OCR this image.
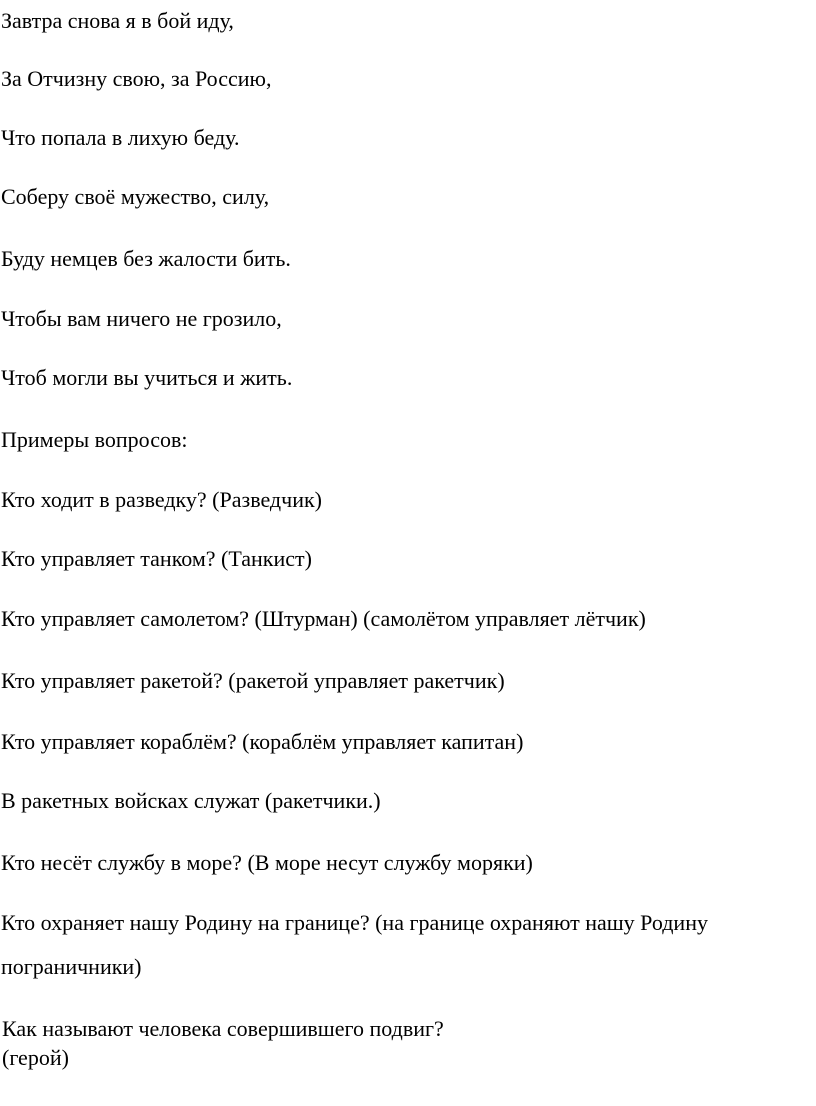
Завтра снова я в бой иду,

За Отчизну свою, за Россию,

Что попала в лихую беду.

Соберу своё мужество, силу,

Буду немцев без жалости бить.

Чтобы вам ничего не грозило,

Чтоб могли вы учиться и жить.

Примеры вопросов:

Кто ходит в разведку? (Разведчик)

Кто управляет танком? (Танкист)

Кто управляет самолетом? (Штурман) (самолётом управляет лётчик)

Кто управляет ракетой? (ракетой управляет ракетчик)

Кто управляет кораблём? (кораблём управляет капитан)

В ракетных войсках служат (ракетчики.)

Кто несёт службу в море? (В море несут службу моряки)

Кто охраняет нашу Родину на границе? (на границе охраняют нашу Родину

пограничники)

Как называют человека совершившего подвиг?

(герой)
